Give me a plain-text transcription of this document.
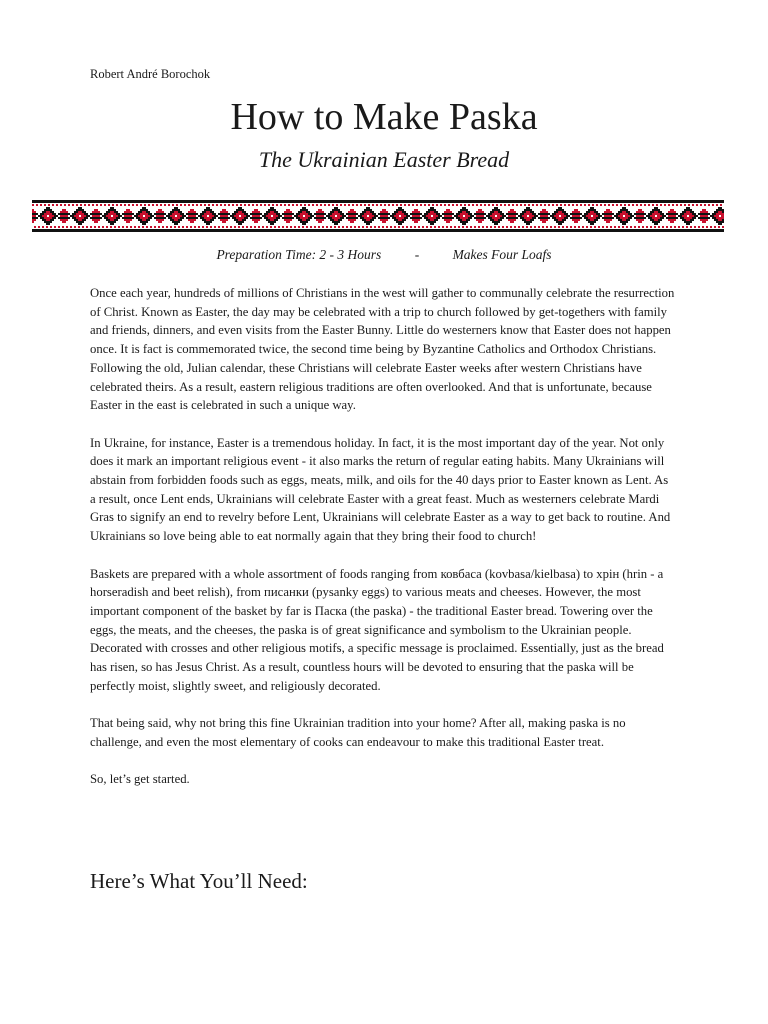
Robert André Borochok
How to Make Paska
The Ukrainian Easter Bread
Preparation Time: 2 - 3 Hours - Makes Four Loafs

Once each year, hundreds of millions of Christians in the west will gather to communally celebrate the resurrection of Christ. Known as Easter, the day may be celebrated with a trip to church followed by get-togethers with family and friends, dinners, and even visits from the Easter Bunny. Little do westerners know that Easter does not happen once. It is fact is commemorated twice, the second time being by Byzantine Catholics and Orthodox Christians. Following the old, Julian calendar, these Christians will celebrate Easter weeks after western Christians have celebrated theirs. As a result, eastern religious traditions are often overlooked. And that is unfortunate, because Easter in the east is celebrated in such a unique way.

In Ukraine, for instance, Easter is a tremendous holiday. In fact, it is the most important day of the year. Not only does it mark an important religious event - it also marks the return of regular eating habits. Many Ukrainians will abstain from forbidden foods such as eggs, meats, milk, and oils for the 40 days prior to Easter known as Lent. As a result, once Lent ends, Ukrainians will celebrate Easter with a great feast. Much as westerners celebrate Mardi Gras to signify an end to revelry before Lent, Ukrainians will celebrate Easter as a way to get back to routine. And Ukrainians so love being able to eat normally again that they bring their food to church!

Baskets are prepared with a whole assortment of foods ranging from ковбаса (kovbasa/kielbasa) to хрін (hrin - a horseradish and beet relish), from писанки (pysanky eggs) to various meats and cheeses. However, the most important component of the basket by far is Пacкa (the paska) - the traditional Easter bread. Towering over the eggs, the meats, and the cheeses, the paska is of great significance and symbolism to the Ukrainian people. Decorated with crosses and other religious motifs, a specific message is proclaimed. Essentially, just as the bread has risen, so has Jesus Christ. As a result, countless hours will be devoted to ensuring that the paska will be perfectly moist, slightly sweet, and religiously decorated.

That being said, why not bring this fine Ukrainian tradition into your home? After all, making paska is no challenge, and even the most elementary of cooks can endeavour to make this traditional Easter treat.

So, let’s get started.

Here’s What You’ll Need:
